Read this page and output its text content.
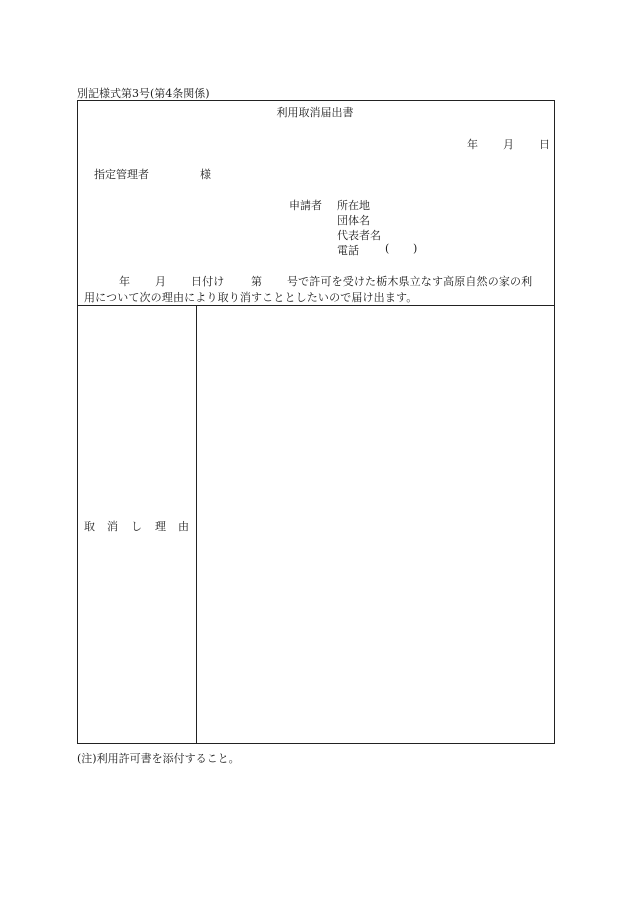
別記様式第3号(第4条関係)
利用取消届出書
年 月 日
指定管理者	様
申請者 所在地
団体名
代表者名
電話 ( )
年 月 日付け 第 号で許可を受けた栃木県立なす高原自然の家の利
用について次の理由により取り消すこととしたいので届け出ます。
取 消 し 理 由
(注)利用許可書を添付すること。
